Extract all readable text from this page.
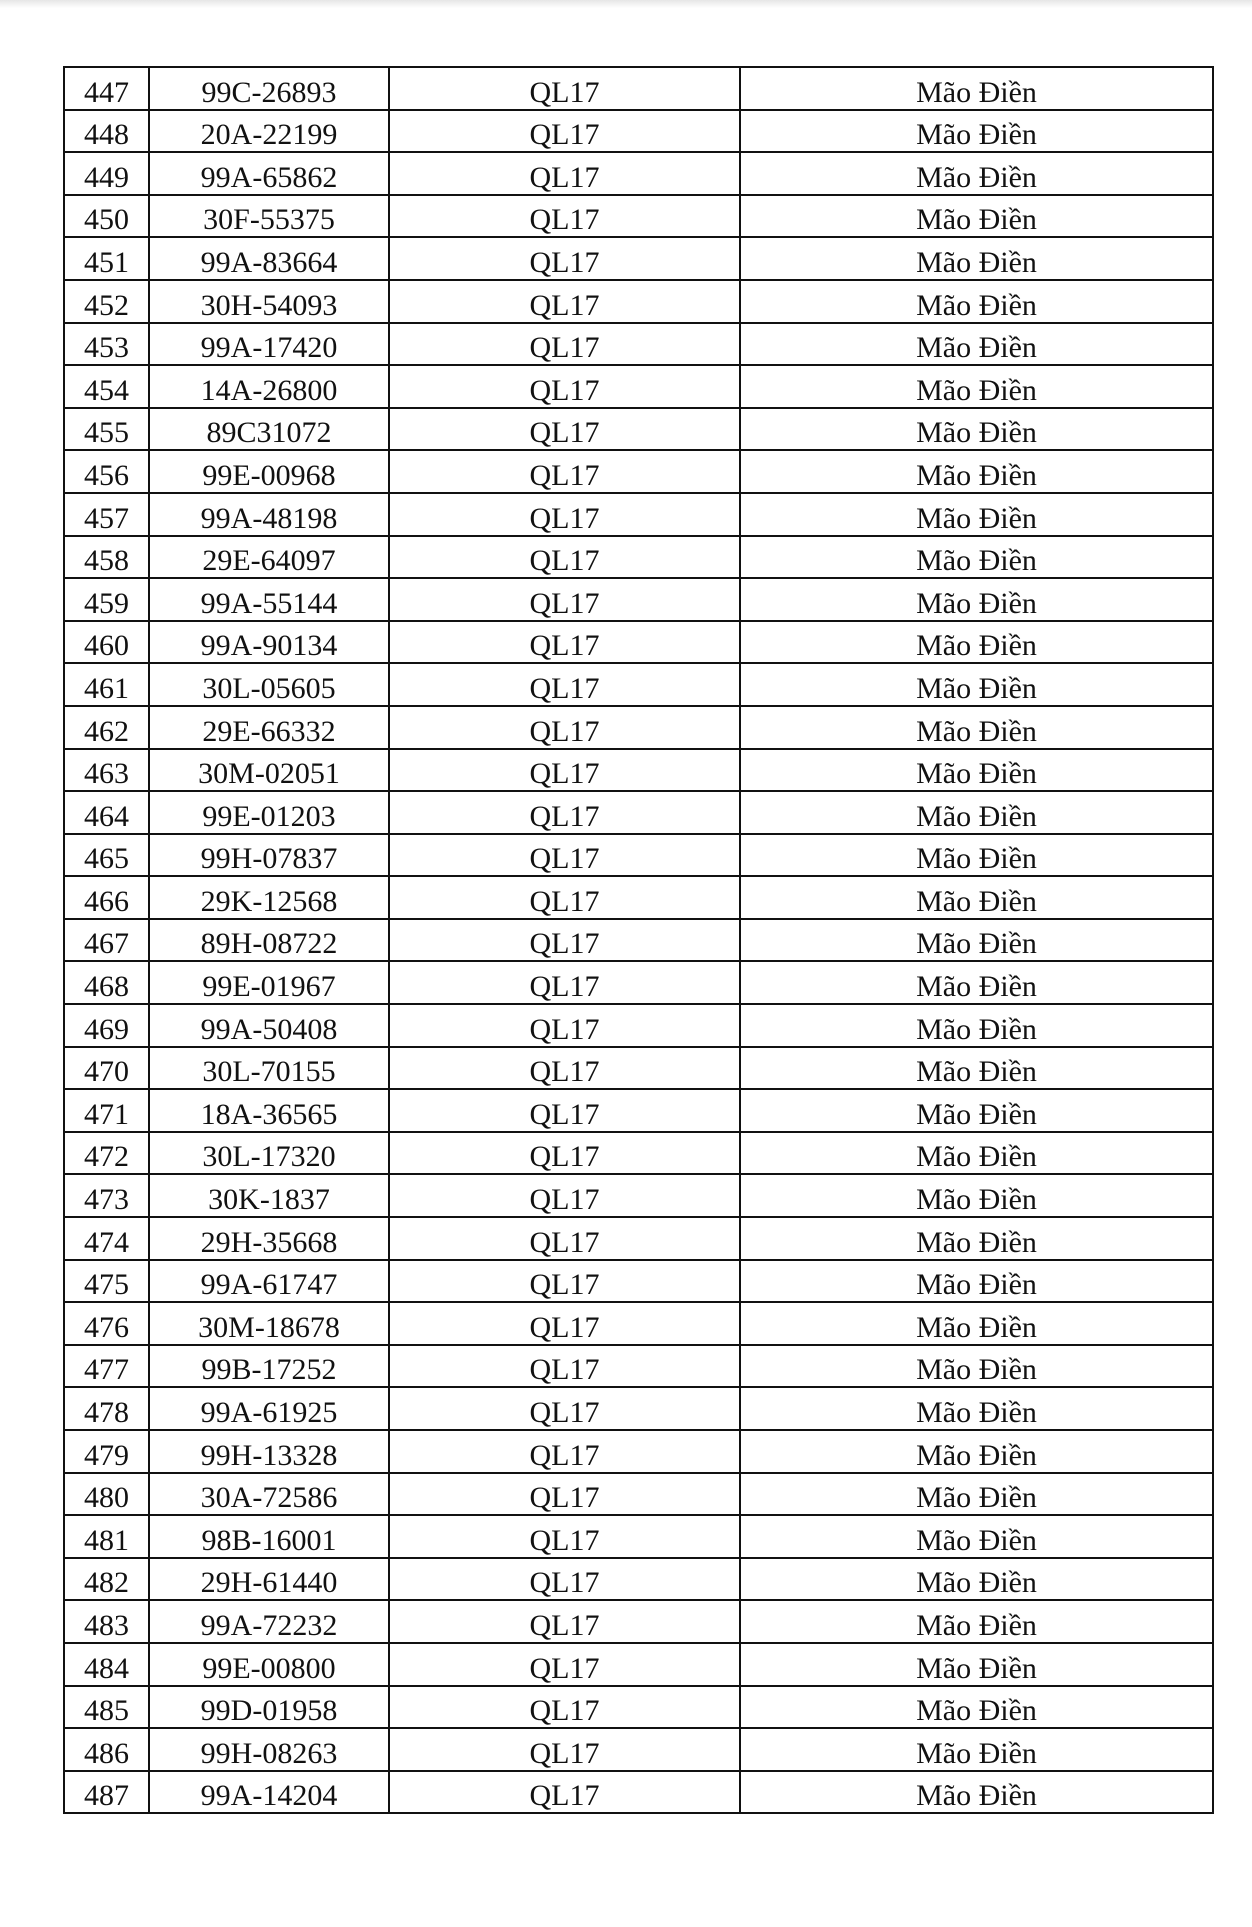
447	99C-26893	QL17	Mão Điền
448	20A-22199	QL17	Mão Điền
449	99A-65862	QL17	Mão Điền
450	30F-55375	QL17	Mão Điền
451	99A-83664	QL17	Mão Điền
452	30H-54093	QL17	Mão Điền
453	99A-17420	QL17	Mão Điền
454	14A-26800	QL17	Mão Điền
455	89C31072	QL17	Mão Điền
456	99E-00968	QL17	Mão Điền
457	99A-48198	QL17	Mão Điền
458	29E-64097	QL17	Mão Điền
459	99A-55144	QL17	Mão Điền
460	99A-90134	QL17	Mão Điền
461	30L-05605	QL17	Mão Điền
462	29E-66332	QL17	Mão Điền
463	30M-02051	QL17	Mão Điền
464	99E-01203	QL17	Mão Điền
465	99H-07837	QL17	Mão Điền
466	29K-12568	QL17	Mão Điền
467	89H-08722	QL17	Mão Điền
468	99E-01967	QL17	Mão Điền
469	99A-50408	QL17	Mão Điền
470	30L-70155	QL17	Mão Điền
471	18A-36565	QL17	Mão Điền
472	30L-17320	QL17	Mão Điền
473	30K-1837	QL17	Mão Điền
474	29H-35668	QL17	Mão Điền
475	99A-61747	QL17	Mão Điền
476	30M-18678	QL17	Mão Điền
477	99B-17252	QL17	Mão Điền
478	99A-61925	QL17	Mão Điền
479	99H-13328	QL17	Mão Điền
480	30A-72586	QL17	Mão Điền
481	98B-16001	QL17	Mão Điền
482	29H-61440	QL17	Mão Điền
483	99A-72232	QL17	Mão Điền
484	99E-00800	QL17	Mão Điền
485	99D-01958	QL17	Mão Điền
486	99H-08263	QL17	Mão Điền
487	99A-14204	QL17	Mão Điền
